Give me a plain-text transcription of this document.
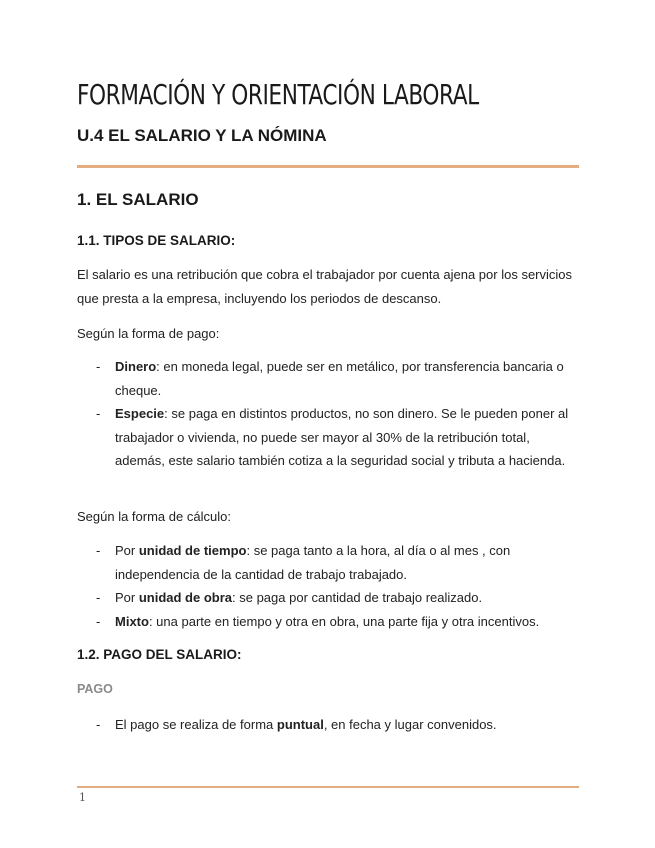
FORMACIÓN Y ORIENTACIÓN LABORAL
U.4 EL SALARIO Y LA NÓMINA
1. EL SALARIO
1.1. TIPOS DE SALARIO:

El salario es una retribución que cobra el trabajador por cuenta ajena por los servicios que presta a la empresa, incluyendo los periodos de descanso.

Según la forma de pago:

- Dinero: en moneda legal, puede ser en metálico, por transferencia bancaria o cheque.
- Especie: se paga en distintos productos, no son dinero. Se le pueden poner al trabajador o vivienda, no puede ser mayor al 30% de la retribución total, además, este salario también cotiza a la seguridad social y tributa a hacienda.

Según la forma de cálculo:

- Por unidad de tiempo: se paga tanto a la hora, al día o al mes , con independencia de la cantidad de trabajo trabajado.
- Por unidad de obra: se paga por cantidad de trabajo realizado.
- Mixto: una parte en tiempo y otra en obra, una parte fija y otra incentivos.
1.2. PAGO DEL SALARIO:
PAGO
- El pago se realiza de forma puntual, en fecha y lugar convenidos.
1
